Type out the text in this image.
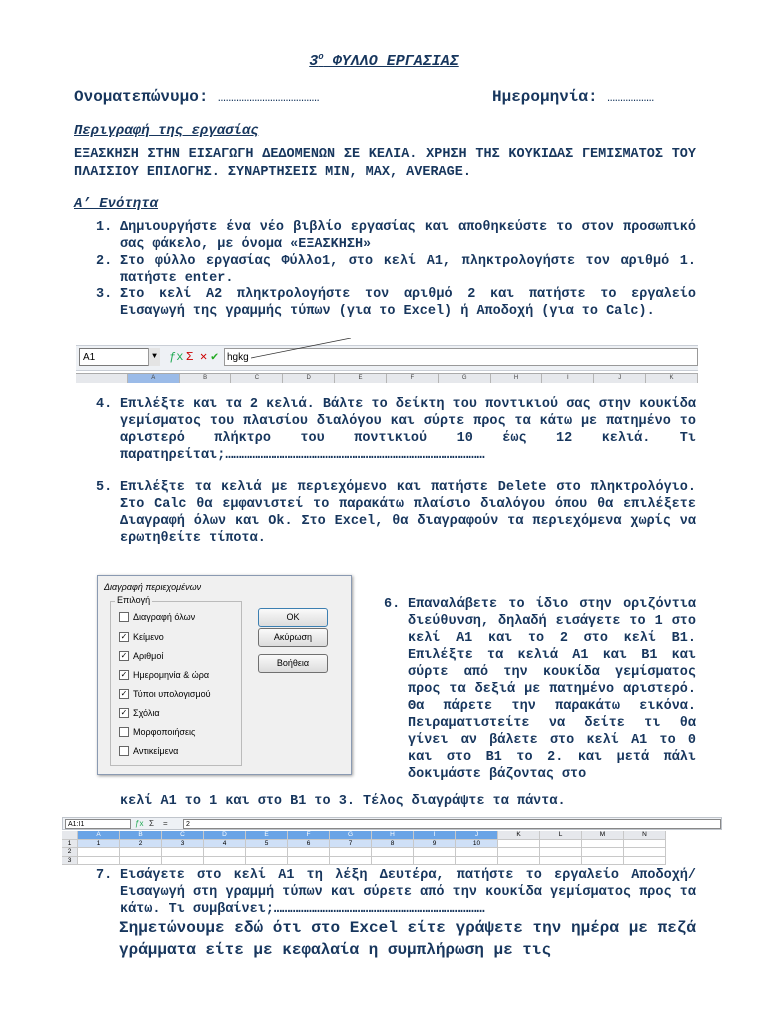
$3^o$ ΦΥΛΛΟ ΕΡΓΑΣΙΑΣ
Ονοματεπώνυμο: …………………………………	Ημερομηνία: ………………
Περιγραφή της εργασίας
ΕΞΑΣΚΗΣΗ ΣΤΗΝ ΕΙΣΑΓΩΓΗ ΔΕΔΟΜΕΝΩΝ ΣΕ ΚΕΛΙΑ. ΧΡΗΣΗ ΤΗΣ ΚΟΥΚΙΔΑΣ ΓΕΜΙΣΜΑΤΟΣ ΤΟΥ ΠΛΑΙΣΙΟΥ ΕΠΙΛΟΓΗΣ. ΣΥΝΑΡΤΗΣΕΙΣ MIN, MAX, AVERAGE.
Α’ Ενότητα
1. Δημιουργήστε ένα νέο βιβλίο εργασίας και αποθηκεύστε το στον προσωπικό σας φάκελο, με όνομα «ΕΞΑΣΚΗΣΗ»
2. Στο φύλλο εργασίας Φύλλο1, στο κελί Α1, πληκτρολογήστε τον αριθμό 1. πατήστε enter.
3. Στο κελί Α2 πληκτρολογήστε τον αριθμό 2 και πατήστε το εργαλείο Εισαγωγή της γραμμής τύπων (για το Excel) ή Αποδοχή (για το Calc).
A1	▼ ƒx Σ ✕ ✔ hgkg
A	B	C	D	E	F	G	H	I	J	K
4. Επιλέξτε και τα 2 κελιά. Βάλτε το δείκτη του ποντικιού σας στην κουκίδα γεμίσματος του πλαισίου διαλόγου και σύρτε προς τα κάτω με πατημένο το αριστερό πλήκτρο του ποντικιού 10 έως 12 κελιά. Τι παρατηρείται;……………………………………………………………………………………
5. Επιλέξτε τα κελιά με περιεχόμενο και πατήστε Delete στο πληκτρολόγιο. Στο Calc θα εμφανιστεί το παρακάτω πλαίσιο διαλόγου όπου θα επιλέξετε Διαγραφή όλων και Ok. Στο Excel, θα διαγραφούν τα περιεχόμενα χωρίς να ερωτηθείτε τίποτα.
Διαγραφή περιεχομένων
Επιλογή
Διαγραφή όλων
✓ Κείμενο
✓ Αριθμοί
✓ Ημερομηνία & ώρα
✓ Τύποι υπολογισμού
✓ Σχόλια
Μορφοποιήσεις
Αντικείμενα
OK
Ακύρωση
Βοήθεια
6. Επαναλάβετε το ίδιο στην οριζόντια διεύθυνση, δηλαδή εισάγετε το 1 στο κελί Α1 και το 2 στο κελί Β1. Επιλέξτε τα κελιά Α1 και Β1 και σύρτε από την κουκίδα γεμίσματος προς τα δεξιά με πατημένο αριστερό. Θα πάρετε την παρακάτω εικόνα. Πειραματιστείτε να δείτε τι θα γίνει αν βάλετε στο κελί Α1 το 0 και στο Β1 το 2. και μετά πάλι δοκιμάστε βάζοντας στο
κελί Α1 το 1 και στο Β1 το 3. Τέλος διαγράψτε τα πάντα.
A1:I1	ƒx Σ =	2
A	B	C	D	E	F	G	H	I	J	K	L	M	N
1	1	2	3	4	5	6	7	8	9	10
2
3
7. Εισάγετε στο κελί Α1 τη λέξη Δευτέρα, πατήστε το εργαλείο Αποδοχή/Εισαγωγή στη γραμμή τύπων και σύρετε από την κουκίδα γεμίσματος προς τα κάτω. Τι συμβαίνει;……………………………………………………………………
Σημετώνουμε εδώ ότι στο Excel είτε γράψετε την ημέρα με πεζά γράμματα είτε με κεφαλαία η συμπλήρωση με τις
